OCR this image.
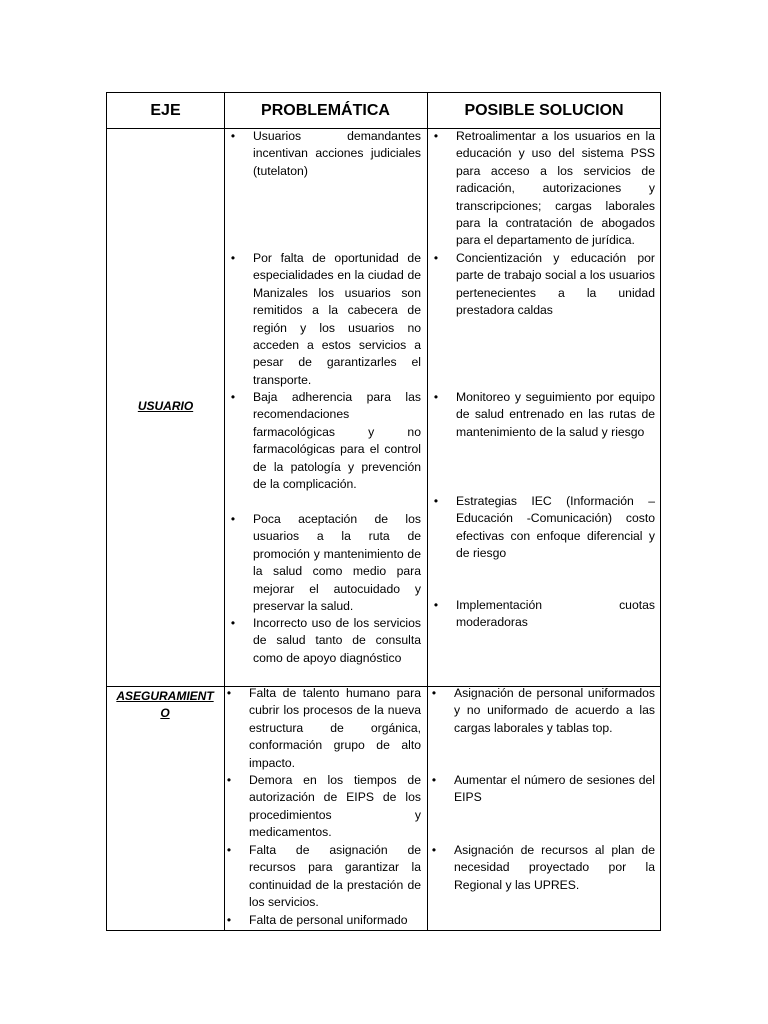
EJE	PROBLEMÁTICA	POSIBLE SOLUCION
USUARIO
• Usuarios demandantes incentivan acciones judiciales (tutelaton)
• Por falta de oportunidad de especialidades en la ciudad de Manizales los usuarios son remitidos a la cabecera de región y los usuarios no acceden a estos servicios a pesar de garantizarles el transporte.
• Baja adherencia para las recomendaciones farmacológicas y no farmacológicas para el control de la patología y prevención de la complicación.
• Poca aceptación de los usuarios a la ruta de promoción y mantenimiento de la salud como medio para mejorar el autocuidado y preservar la salud.
• Incorrecto uso de los servicios de salud tanto de consulta como de apoyo diagnóstico
• Retroalimentar a los usuarios en la educación y uso del sistema PSS para acceso a los servicios de radicación, autorizaciones y transcripciones; cargas laborales para la contratación de abogados para el departamento de jurídica.
• Concientización y educación por parte de trabajo social a los usuarios pertenecientes a la unidad prestadora caldas
• Monitoreo y seguimiento por equipo de salud entrenado en las rutas de mantenimiento de la salud y riesgo
• Estrategias IEC (Información – Educación -Comunicación) costo efectivas con enfoque diferencial y de riesgo
• Implementación cuotas moderadoras
ASEGURAMIENTO
• Falta de talento humano para cubrir los procesos de la nueva estructura de orgánica, conformación grupo de alto impacto.
• Demora en los tiempos de autorización de EIPS de los procedimientos y medicamentos.
• Falta de asignación de recursos para garantizar la continuidad de la prestación de los servicios.
• Falta de personal uniformado
• Asignación de personal uniformados y no uniformado de acuerdo a las cargas laborales y tablas top.
• Aumentar el número de sesiones del EIPS
• Asignación de recursos al plan de necesidad proyectado por la Regional y las UPRES.
